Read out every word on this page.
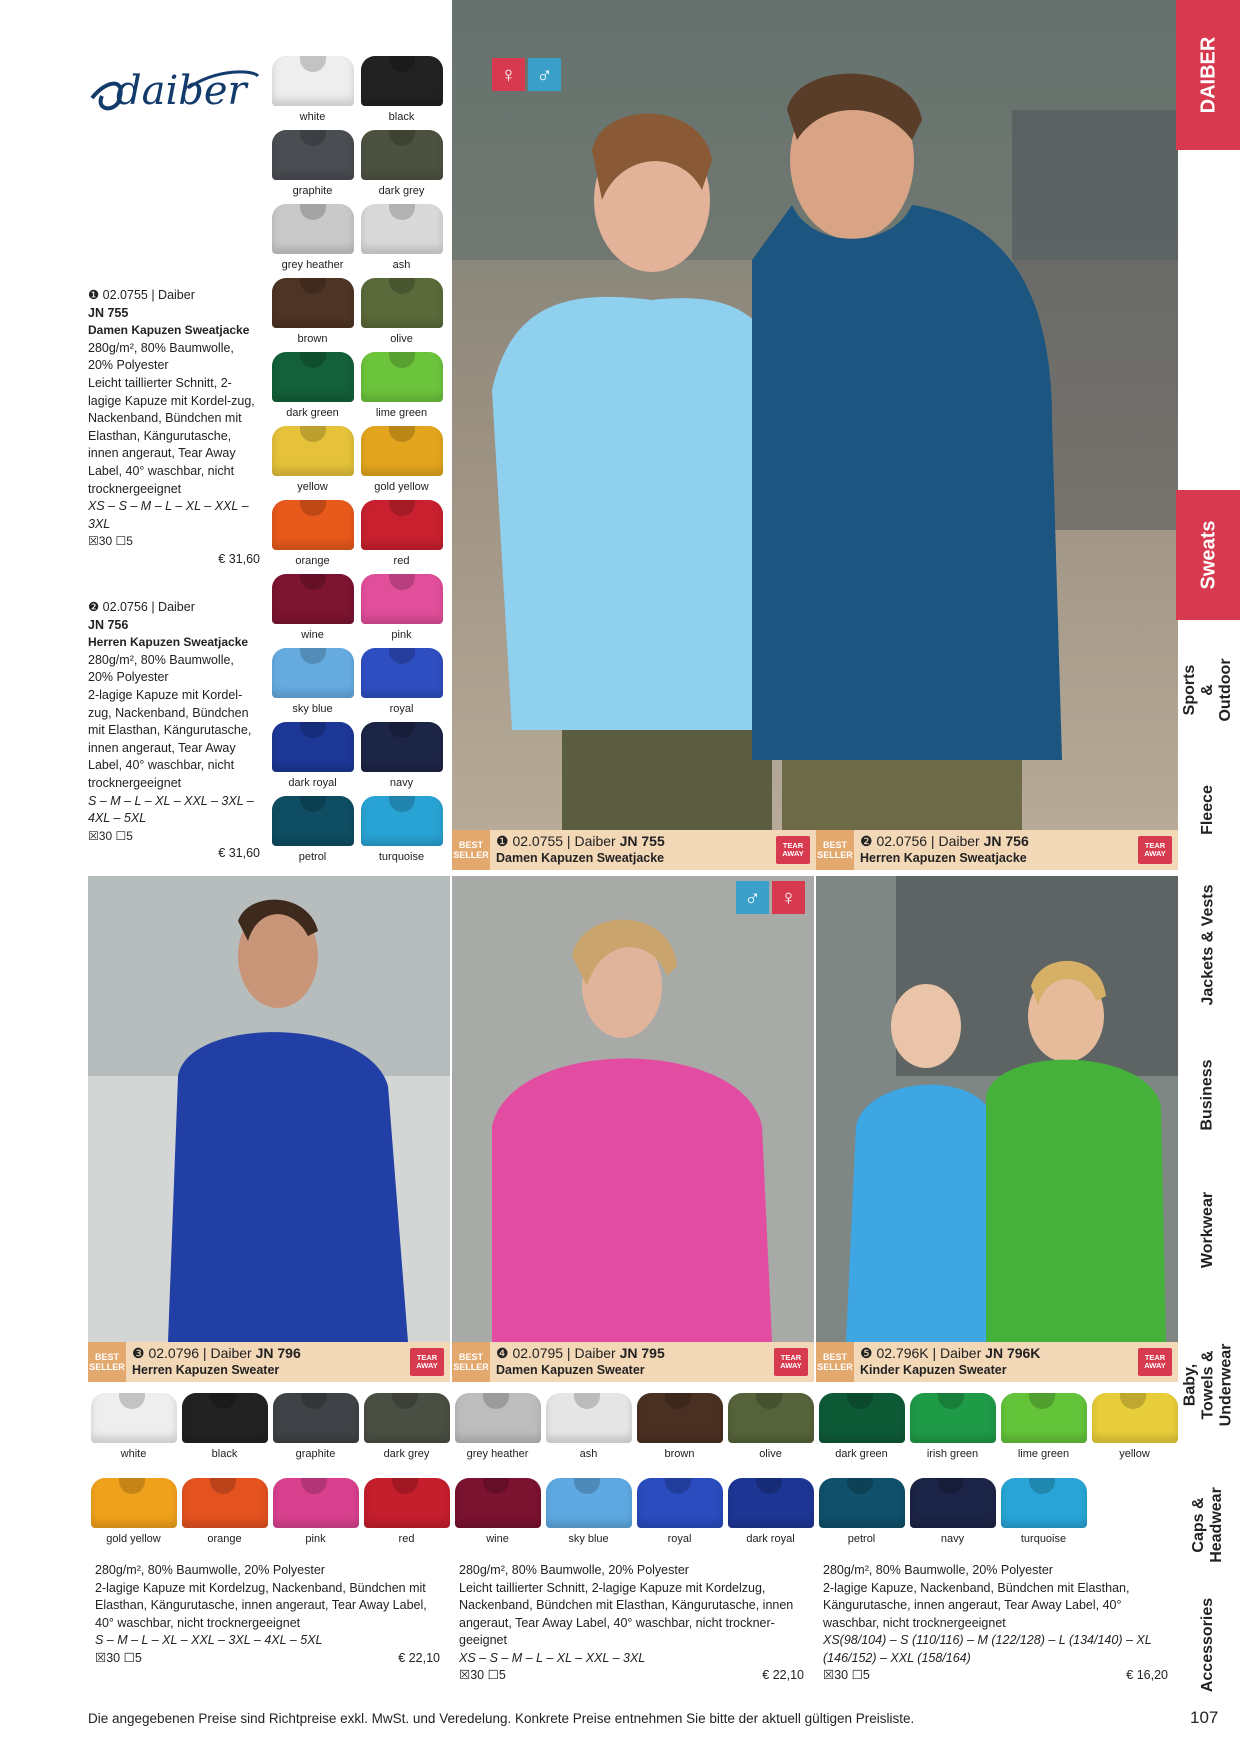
daiber
white	black
graphite	dark grey
grey heather	ash
brown	olive
dark green	lime green
yellow	gold yellow
orange	red
wine	pink
sky blue	royal
dark royal	navy
petrol	turquoise
❶ 02.0755 | Daiber
JN 755
Damen Kapuzen Sweatjacke
280g/m², 80% Baumwolle, 20% Polyester
Leicht taillierter Schnitt, 2-lagige Kapuze mit Kordel-zug, Nackenband, Bündchen mit Elasthan, Kängurutasche, innen angeraut, Tear Away Label, 40° waschbar, nicht trocknergeeignet
XS – S – M – L – XL – XXL – 3XL
☒30 ☐5
€ 31,60
❷ 02.0756 | Daiber
JN 756
Herren Kapuzen Sweatjacke
280g/m², 80% Baumwolle, 20% Polyester
2-lagige Kapuze mit Kordel-zug, Nackenband, Bündchen mit Elasthan, Kängurutasche, innen angeraut, Tear Away Label, 40° waschbar, nicht trocknergeeignet
S – M – L – XL – XXL – 3XL – 4XL – 5XL
☒30 ☐5
€ 31,60
♀ ♂
BEST
SELLER
❶ 02.0755 | Daiber JN 755
Damen Kapuzen Sweatjacke
TEAR
AWAY
BEST
SELLER
❷ 02.0756 | Daiber JN 756
Herren Kapuzen Sweatjacke
TEAR
AWAY
♂ ♀
BEST
SELLER
❸ 02.0796 | Daiber JN 796
Herren Kapuzen Sweater
TEAR
AWAY
BEST
SELLER
❹ 02.0795 | Daiber JN 795
Damen Kapuzen Sweater
TEAR
AWAY
BEST
SELLER
❺ 02.796K | Daiber JN 796K
Kinder Kapuzen Sweater
TEAR
AWAY
white	black	graphite	dark grey	grey heather	ash	brown	olive	dark green	irish green	lime green	yellow
gold yellow	orange	pink	red	wine	sky blue	royal	dark royal	petrol	navy	turquoise
280g/m², 80% Baumwolle, 20% Polyester
2-lagige Kapuze mit Kordelzug, Nackenband, Bündchen mit Elasthan, Kängurutasche, innen angeraut, Tear Away Label, 40° waschbar, nicht trocknergeeignet
S – M – L – XL – XXL – 3XL – 4XL – 5XL
☒30 ☐5	€ 22,10
280g/m², 80% Baumwolle, 20% Polyester
Leicht taillierter Schnitt, 2-lagige Kapuze mit Kordelzug, Nackenband, Bündchen mit Elasthan, Kängurutasche, innen angeraut, Tear Away Label, 40° waschbar, nicht trockner-geeignet
XS – S – M – L – XL – XXL – 3XL
☒30 ☐5	€ 22,10
280g/m², 80% Baumwolle, 20% Polyester
2-lagige Kapuze, Nackenband, Bündchen mit Elasthan, Kängurutasche, innen angeraut, Tear Away Label, 40° waschbar, nicht trocknergeeignet
XS(98/104) – S (110/116) – M (122/128) – L (134/140) – XL (146/152) – XXL (158/164)
☒30 ☐5	€ 16,20
Die angegebenen Preise sind Richtpreise exkl. MwSt. und Veredelung. Konkrete Preise entnehmen Sie bitte der aktuell gültigen Preisliste.	107
DAIBER
Sweats
Sports & Outdoor
Fleece
Jackets & Vests
Business
Workwear
Baby, Towels & Underwear
Caps & Headwear
Accessories
